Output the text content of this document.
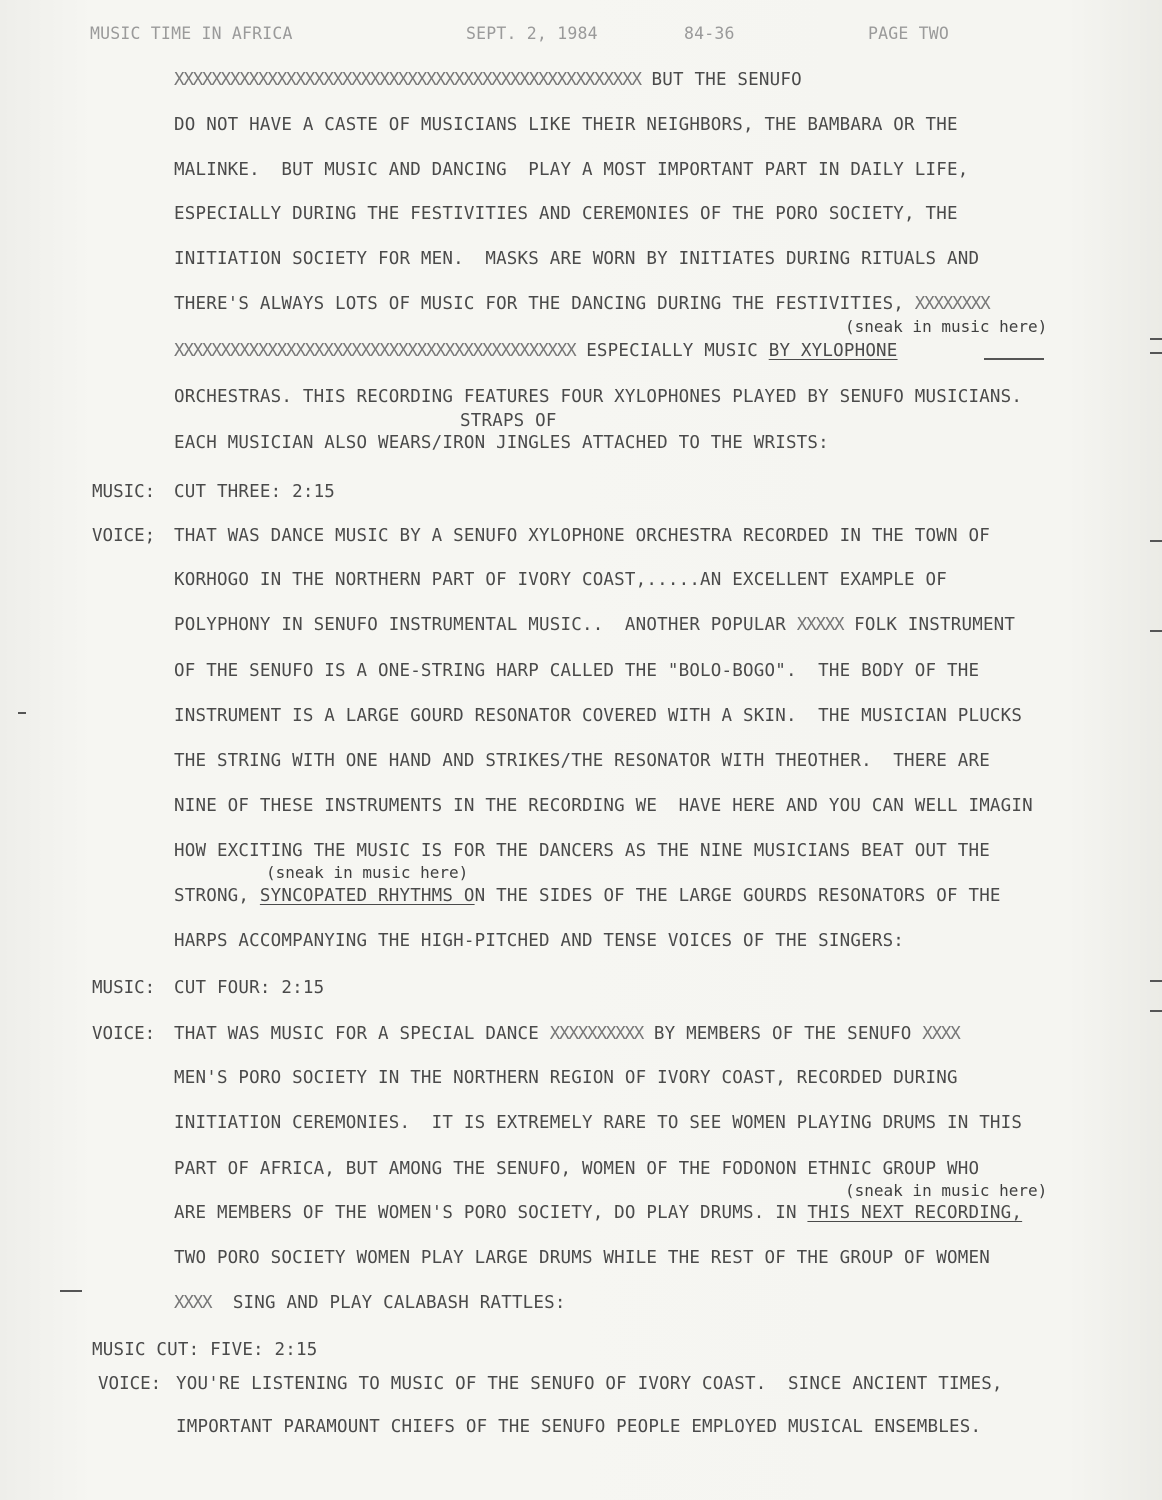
MUSIC TIME IN AFRICA	SEPT. 2, 1984	84-36	PAGE TWO
XXXXXXXXXXXXXXXXXXXXXXXXXXXXXXXXXXXXXXXXXXXXXXXXXX BUT THE SENUFO
DO NOT HAVE A CASTE OF MUSICIANS LIKE THEIR NEIGHBORS, THE BAMBARA OR THE
MALINKE.  BUT MUSIC AND DANCING  PLAY A MOST IMPORTANT PART IN DAILY LIFE,
ESPECIALLY DURING THE FESTIVITIES AND CEREMONIES OF THE PORO SOCIETY, THE
INITIATION SOCIETY FOR MEN.  MASKS ARE WORN BY INITIATES DURING RITUALS AND
THERE'S ALWAYS LOTS OF MUSIC FOR THE DANCING DURING THE FESTIVITIES, XXXXXXXX
(sneak in music here)
XXXXXXXXXXXXXXXXXXXXXXXXXXXXXXXXXXXXXXXXXXX ESPECIALLY MUSIC BY XYLOPHONE
ORCHESTRAS. THIS RECORDING FEATURES FOUR XYLOPHONES PLAYED BY SENUFO MUSICIANS.
STRAPS OF
EACH MUSICIAN ALSO WEARS/IRON JINGLES ATTACHED TO THE WRISTS:
MUSIC: CUT THREE: 2:15
VOICE; THAT WAS DANCE MUSIC BY A SENUFO XYLOPHONE ORCHESTRA RECORDED IN THE TOWN OF
KORHOGO IN THE NORTHERN PART OF IVORY COAST,.....AN EXCELLENT EXAMPLE OF
POLYPHONY IN SENUFO INSTRUMENTAL MUSIC..  ANOTHER POPULAR XXXXX FOLK INSTRUMENT
OF THE SENUFO IS A ONE-STRING HARP CALLED THE "BOLO-BOGO".  THE BODY OF THE
INSTRUMENT IS A LARGE GOURD RESONATOR COVERED WITH A SKIN.  THE MUSICIAN PLUCKS
THE STRING WITH ONE HAND AND STRIKES/THE RESONATOR WITH THEOTHER.  THERE ARE
NINE OF THESE INSTRUMENTS IN THE RECORDING WE  HAVE HERE AND YOU CAN WELL IMAGIN
HOW EXCITING THE MUSIC IS FOR THE DANCERS AS THE NINE MUSICIANS BEAT OUT THE
(sneak in music here)
STRONG, SYNCOPATED RHYTHMS ON THE SIDES OF THE LARGE GOURDS RESONATORS OF THE
HARPS ACCOMPANYING THE HIGH-PITCHED AND TENSE VOICES OF THE SINGERS:
MUSIC: CUT FOUR: 2:15
VOICE: THAT WAS MUSIC FOR A SPECIAL DANCE XXXXXXXXXX BY MEMBERS OF THE SENUFO XXXX
MEN'S PORO SOCIETY IN THE NORTHERN REGION OF IVORY COAST, RECORDED DURING
INITIATION CEREMONIES.  IT IS EXTREMELY RARE TO SEE WOMEN PLAYING DRUMS IN THIS
PART OF AFRICA, BUT AMONG THE SENUFO, WOMEN OF THE FODONON ETHNIC GROUP WHO
(sneak in music here)
ARE MEMBERS OF THE WOMEN'S PORO SOCIETY, DO PLAY DRUMS. IN THIS NEXT RECORDING,
TWO PORO SOCIETY WOMEN PLAY LARGE DRUMS WHILE THE REST OF THE GROUP OF WOMEN
XXXX  SING AND PLAY CALABASH RATTLES:
MUSIC CUT: FIVE: 2:15
VOICE: YOU'RE LISTENING TO MUSIC OF THE SENUFO OF IVORY COAST.  SINCE ANCIENT TIMES,
IMPORTANT PARAMOUNT CHIEFS OF THE SENUFO PEOPLE EMPLOYED MUSICAL ENSEMBLES.
